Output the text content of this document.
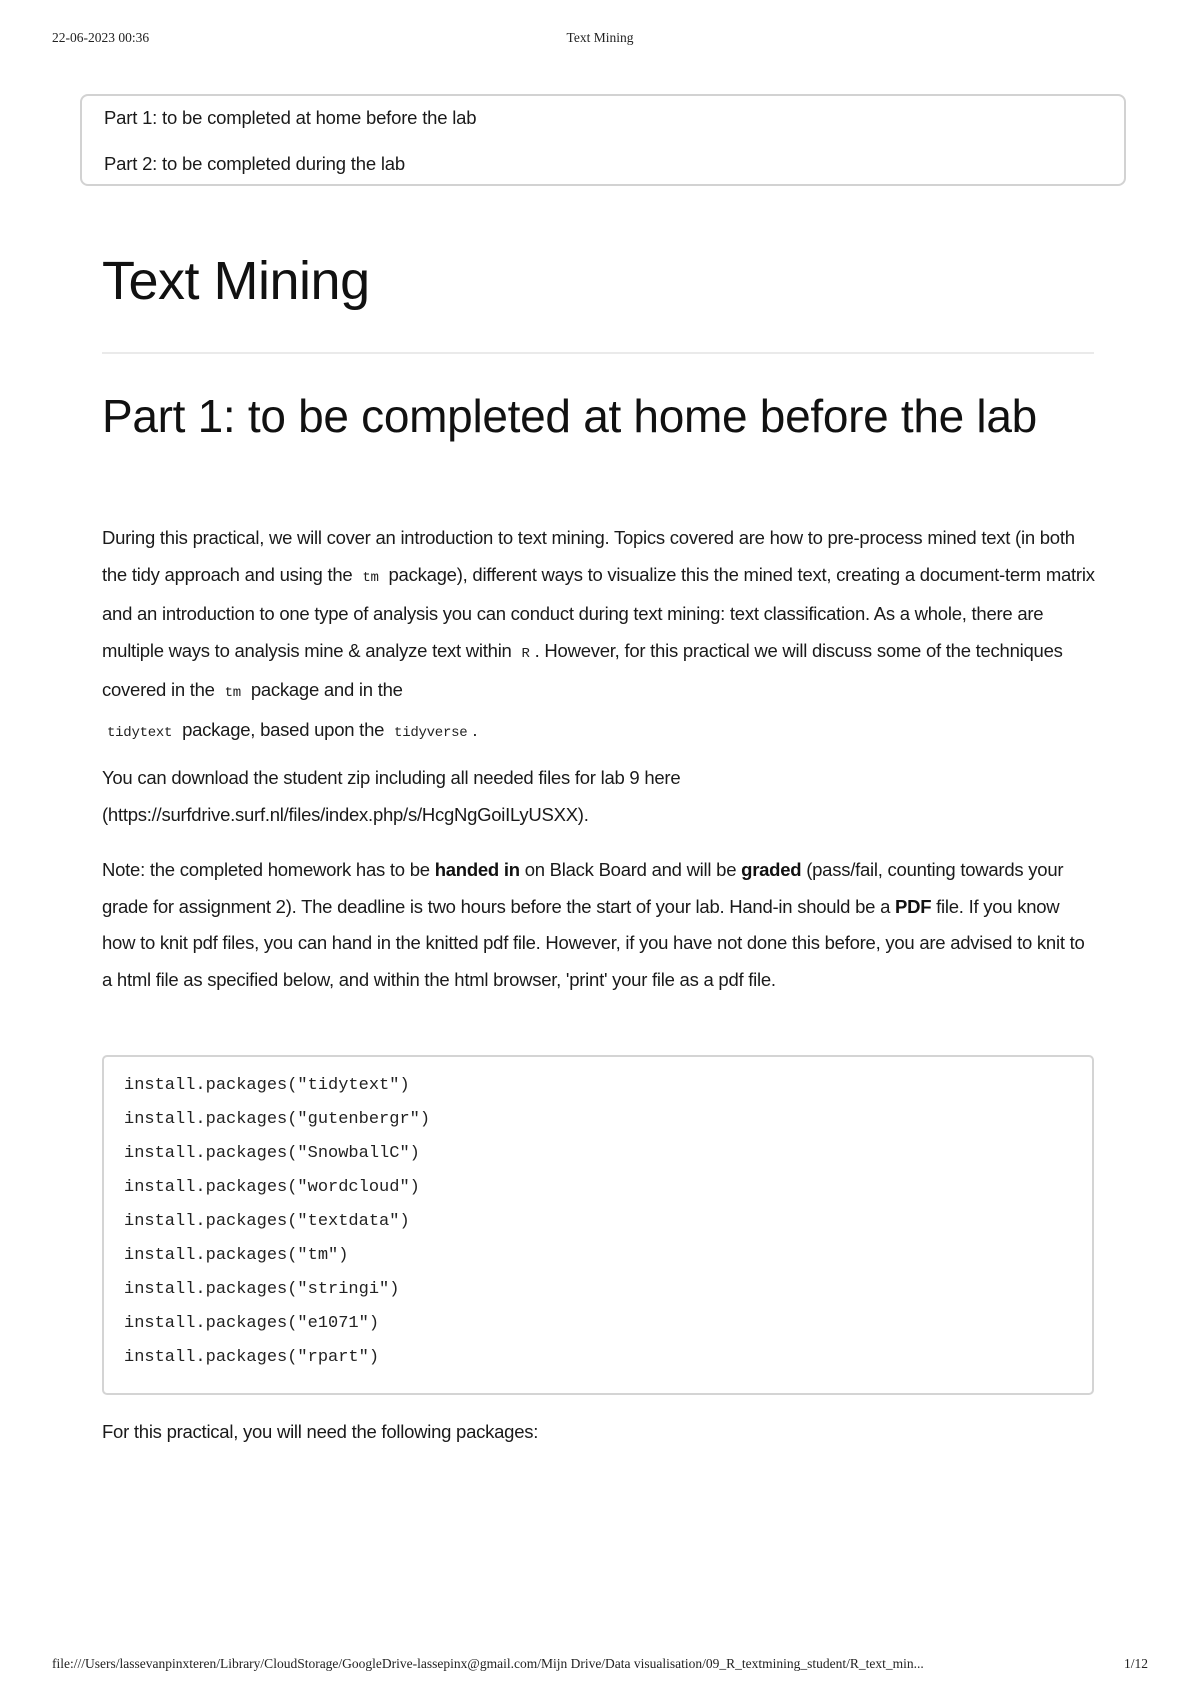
22-06-2023 00:36	Text Mining
Part 1: to be completed at home before the lab
Part 2: to be completed during the lab
Text Mining
Part 1: to be completed at home before the lab

During this practical, we will cover an introduction to text mining. Topics covered are how to pre-process mined text (in both the tidy approach and using the tm package), different ways to visualize this the mined text, creating a document-term matrix and an introduction to one type of analysis you can conduct during text mining: text classification. As a whole, there are multiple ways to analysis mine & analyze text within R . However, for this practical we will discuss some of the techniques covered in the tm package and in the
tidytext package, based upon the tidyverse .

You can download the student zip including all needed files for lab 9 here
(https://surfdrive.surf.nl/files/index.php/s/HcgNgGoiILyUSXX).

Note: the completed homework has to be handed in on Black Board and will be graded (pass/fail, counting towards your grade for assignment 2). The deadline is two hours before the start of your lab. Hand-in should be a PDF file. If you know how to knit pdf files, you can hand in the knitted pdf file. However, if you have not done this before, you are advised to knit to a html file as specified below, and within the html browser, 'print' your file as a pdf file.

install.packages("tidytext")
install.packages("gutenbergr")
install.packages("SnowballC")
install.packages("wordcloud")
install.packages("textdata")
install.packages("tm")
install.packages("stringi")
install.packages("e1071")
install.packages("rpart")

For this practical, you will need the following packages:

file:///Users/lassevanpinxteren/Library/CloudStorage/GoogleDrive-lassepinx@gmail.com/Mijn Drive/Data visualisation/09_R_textmining_student/R_text_min...	1/12
